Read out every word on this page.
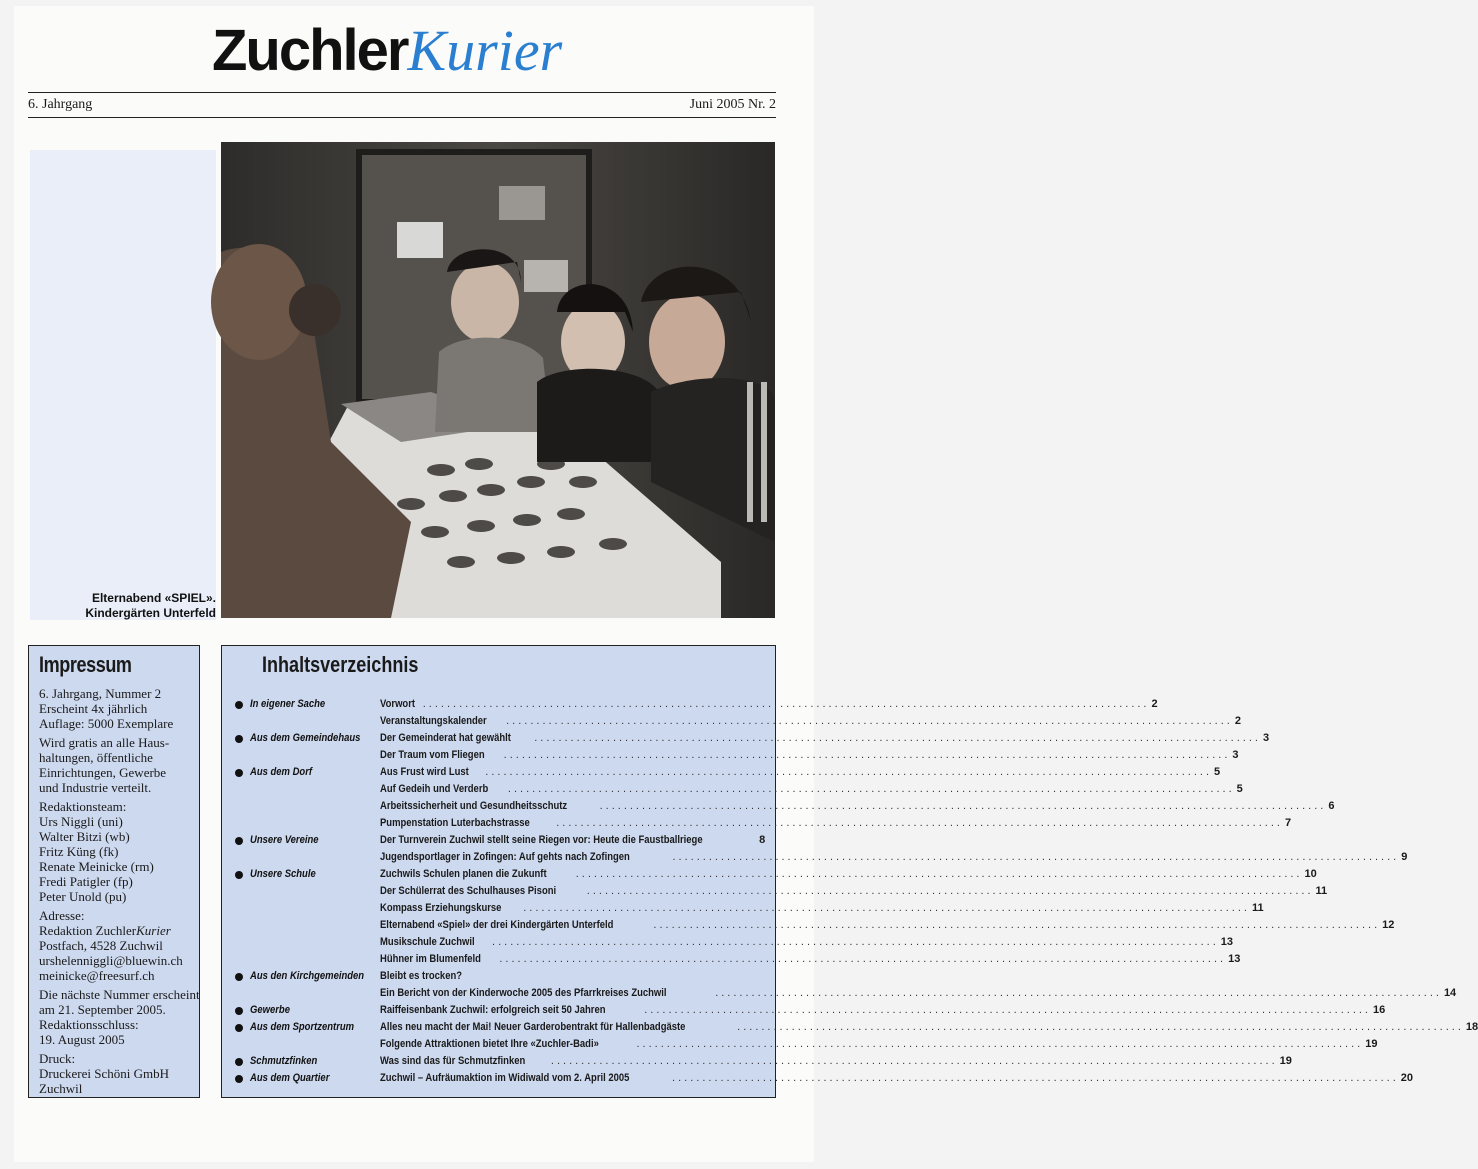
ZuchlerKurier
6. Jahrgang	Juni 2005 Nr. 2
Elternabend «SPIEL».
Kindergärten Unterfeld
Impressum
6. Jahrgang, Nummer 2
Erscheint 4x jährlich
Auflage: 5000 Exemplare
Wird gratis an alle Haus-
haltungen, öffentliche
Einrichtungen, Gewerbe
und Industrie verteilt.
Redaktionsteam:
Urs Niggli (uni)
Walter Bitzi (wb)
Fritz Küng (fk)
Renate Meinicke (rm)
Fredi Patigler (fp)
Peter Unold (pu)
Adresse:
Redaktion ZuchlerKurier
Postfach, 4528 Zuchwil
urshelenniggli@bluewin.ch
meinicke@freesurf.ch
Die nächste Nummer erscheint
am 21. September 2005.
Redaktionsschluss:
19. August 2005
Druck:
Druckerei Schöni GmbH
Zuchwil
Inhaltsverzeichnis
In eigener Sache	Vorwort ........................................................................................................................ 2
Veranstaltungskalender ........................................................................................................................ 2
Aus dem Gemeindehaus Der Gemeinderat hat gewählt ........................................................................................................................ 3
Der Traum vom Fliegen ........................................................................................................................ 3
Aus dem Dorf	Aus Frust wird Lust ........................................................................................................................ 5
Auf Gedeih und Verderb ........................................................................................................................ 5
Arbeitssicherheit und Gesundheitsschutz	........................................................................................................................ 6
Pumpenstation Luterbachstrasse ........................................................................................................................ 7
Unsere Vereine	Der Turnverein Zuchwil stellt seine Riegen vor: Heute die Faustballriege	8
Jugendsportlager in Zofingen: Auf gehts nach Zofingen	........................................................................................................................ 9
Unsere Schule	Zuchwils Schulen planen die Zukunft	........................................................................................................................ 10
Der Schülerrat des Schulhauses Pisoni	........................................................................................................................ 11
Kompass Erziehungskurse ........................................................................................................................ 11
Elternabend «Spiel» der drei Kindergärten Unterfeld	........................................................................................................................ 12
Musikschule Zuchwil ........................................................................................................................ 13
Hühner im Blumenfeld ........................................................................................................................ 13
Aus den Kirchgemeinden Bleibt es trocken?
Ein Bericht von der Kinderwoche 2005 des Pfarrkreises Zuchwil	........................................................................................................................ 14
Gewerbe	Raiffeisenbank Zuchwil: erfolgreich seit 50 Jahren	........................................................................................................................ 16
Aus dem Sportzentrum Alles neu macht der Mai! Neuer Garderobentrakt für Hallenbadgäste	........................................................................................................................ 18
Folgende Attraktionen bietet Ihre «Zuchler-Badi»	........................................................................................................................ 19
Schmutzfinken	Was sind das für Schmutzfinken ........................................................................................................................ 19
Aus dem Quartier	Zuchwil – Aufräumaktion im Widiwald vom 2. April 2005	........................................................................................................................ 20
